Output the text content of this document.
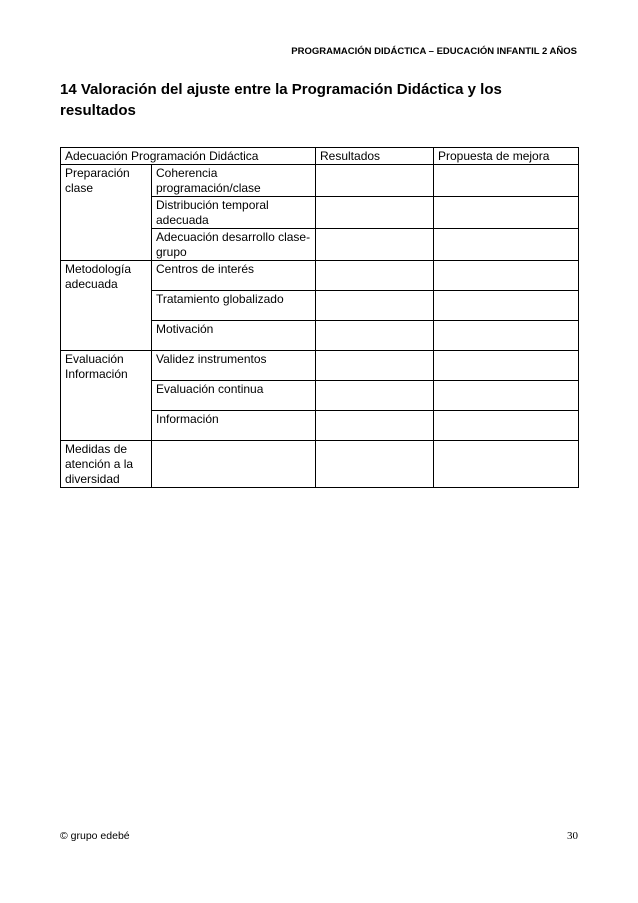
PROGRAMACIÓN DIDÁCTICA – EDUCACIÓN INFANTIL 2 AÑOS
14 Valoración del ajuste entre la Programación Didáctica y los resultados
Adecuación Programación Didáctica		Resultados	Propuesta de mejora
Preparación clase	Coherencia programación/clase		
	Distribución temporal adecuada		
	Adecuación desarrollo clase-grupo		
Metodología adecuada	Centros de interés		
	Tratamiento globalizado		
	Motivación		
Evaluación Información	Validez instrumentos		
	Evaluación continua		
	Información		
Medidas de atención a la diversidad			
© grupo edebé	30
